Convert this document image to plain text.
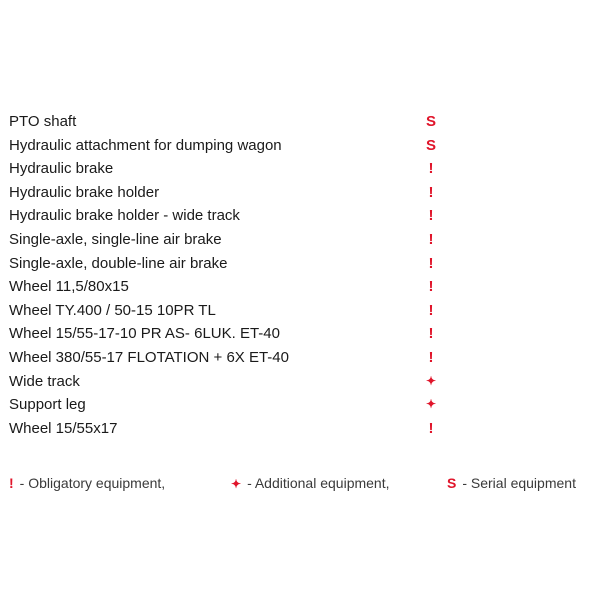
PTO shaft	S
Hydraulic attachment for dumping wagon	S
Hydraulic brake	!
Hydraulic brake holder	!
Hydraulic brake holder - wide track	!
Single-axle, single-line air brake	!
Single-axle, double-line air brake	!
Wheel 11,5/80x15	!
Wheel TY.400 / 50-15 10PR TL	!
Wheel 15/55-17-10 PR AS- 6LUK. ET-40	!
Wheel 380/55-17 FLOTATION + 6X ET-40	!
Wide track	✦
Support leg	✦
Wheel 15/55x17	!
! - Obligatory equipment,	✦ - Additional equipment,	S - Serial equipment
